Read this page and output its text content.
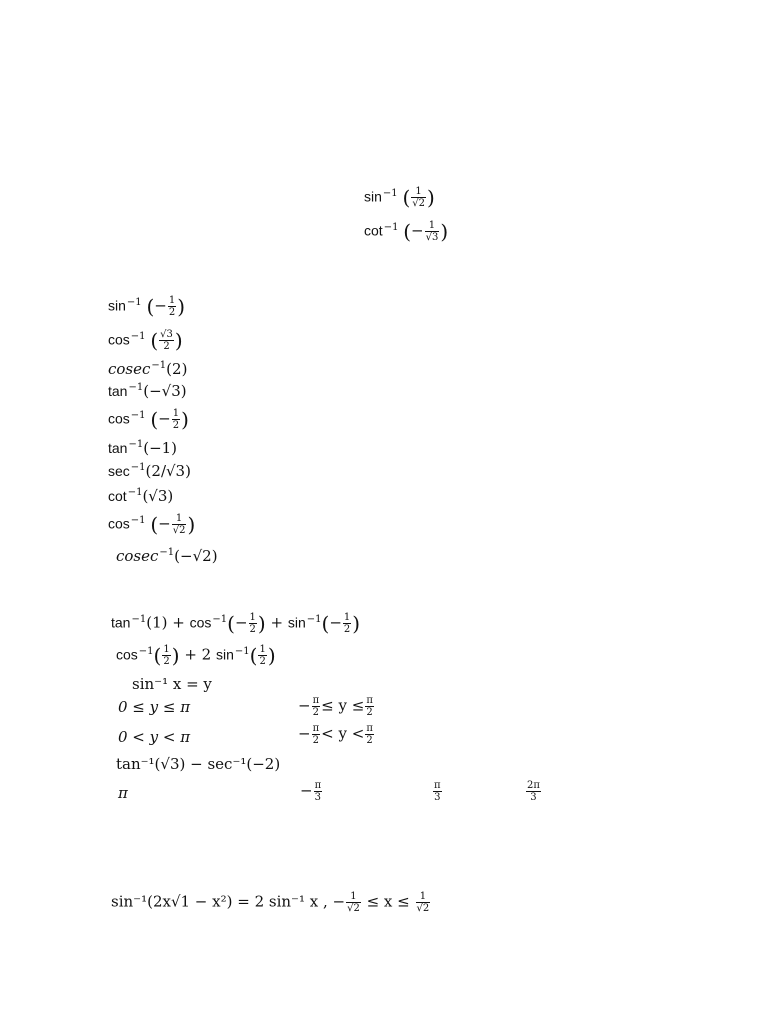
$\sin^{-1}$ ( $\frac{1}{√2}$ )
$\cot^{-1}$ (− $\frac{1}{√3}$ )
$\sin^{-1}$ (− $\frac{1}{2}$ )
$\cos^{-1}$ ( $\frac{√3}{2}$ )
cosec$^{-1}$(2)
$\tan^{-1}(-√3)$
$\cos^{-1}$ (− $\frac{1}{2}$ )
$\tan^{-1}(-1)$
$\sec^{-1}(2/√3)$
$\cot^{-1}(√3)$
$\cos^{-1}$ (− $\frac{1}{√2}$ )
cosec$^{-1}$(−√2)
$\tan^{-1}(1) + \cos^{-1}(- \frac{1}{2}$ ) + $\sin^{-1}(- \frac{1}{2}$ )
$\cos^{-1}( \frac{1}{2}$ ) + 2 $\sin^{-1}( \frac{1}{2}$ )
sin⁻¹ x = y
0 ≤ y ≤ π	− $\frac{\pi}{2} \le y \le \frac{\pi}{2}$
0 < y < π	− $\frac{\pi}{2} < y < \frac{\pi}{2}$
tan⁻¹(√3) − sec⁻¹(−2)
π	− $\frac{\pi}{3}$	$\frac{\pi}{3}$	$\frac{2\pi}{3}$
sin⁻¹(2x√1 − x²) = 2 sin⁻¹ x , − $\frac{1}{√2} \le x \le \frac{1}{√2}$
